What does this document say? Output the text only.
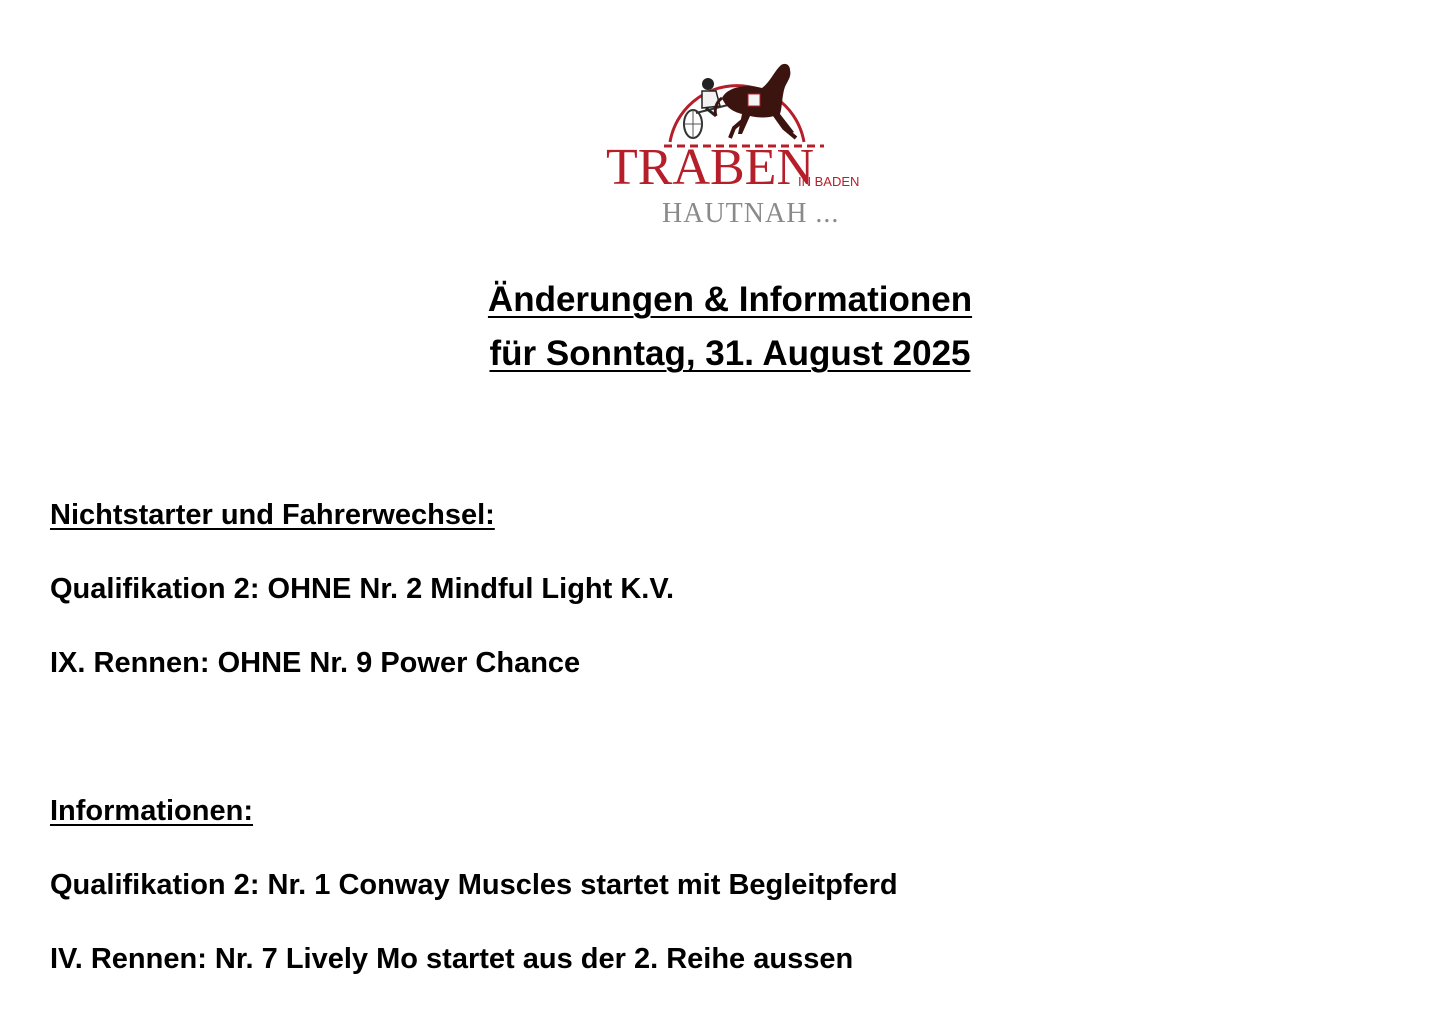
TRABEN
IN BADEN
HAUTNAH ...
Änderungen & Informationen
für Sonntag, 31. August 2025
Nichtstarter und Fahrerwechsel:
Qualifikation 2: OHNE Nr. 2 Mindful Light K.V.
IX. Rennen: OHNE Nr. 9 Power Chance
Informationen:
Qualifikation 2: Nr. 1 Conway Muscles startet mit Begleitpferd
IV. Rennen: Nr. 7 Lively Mo startet aus der 2. Reihe aussen
